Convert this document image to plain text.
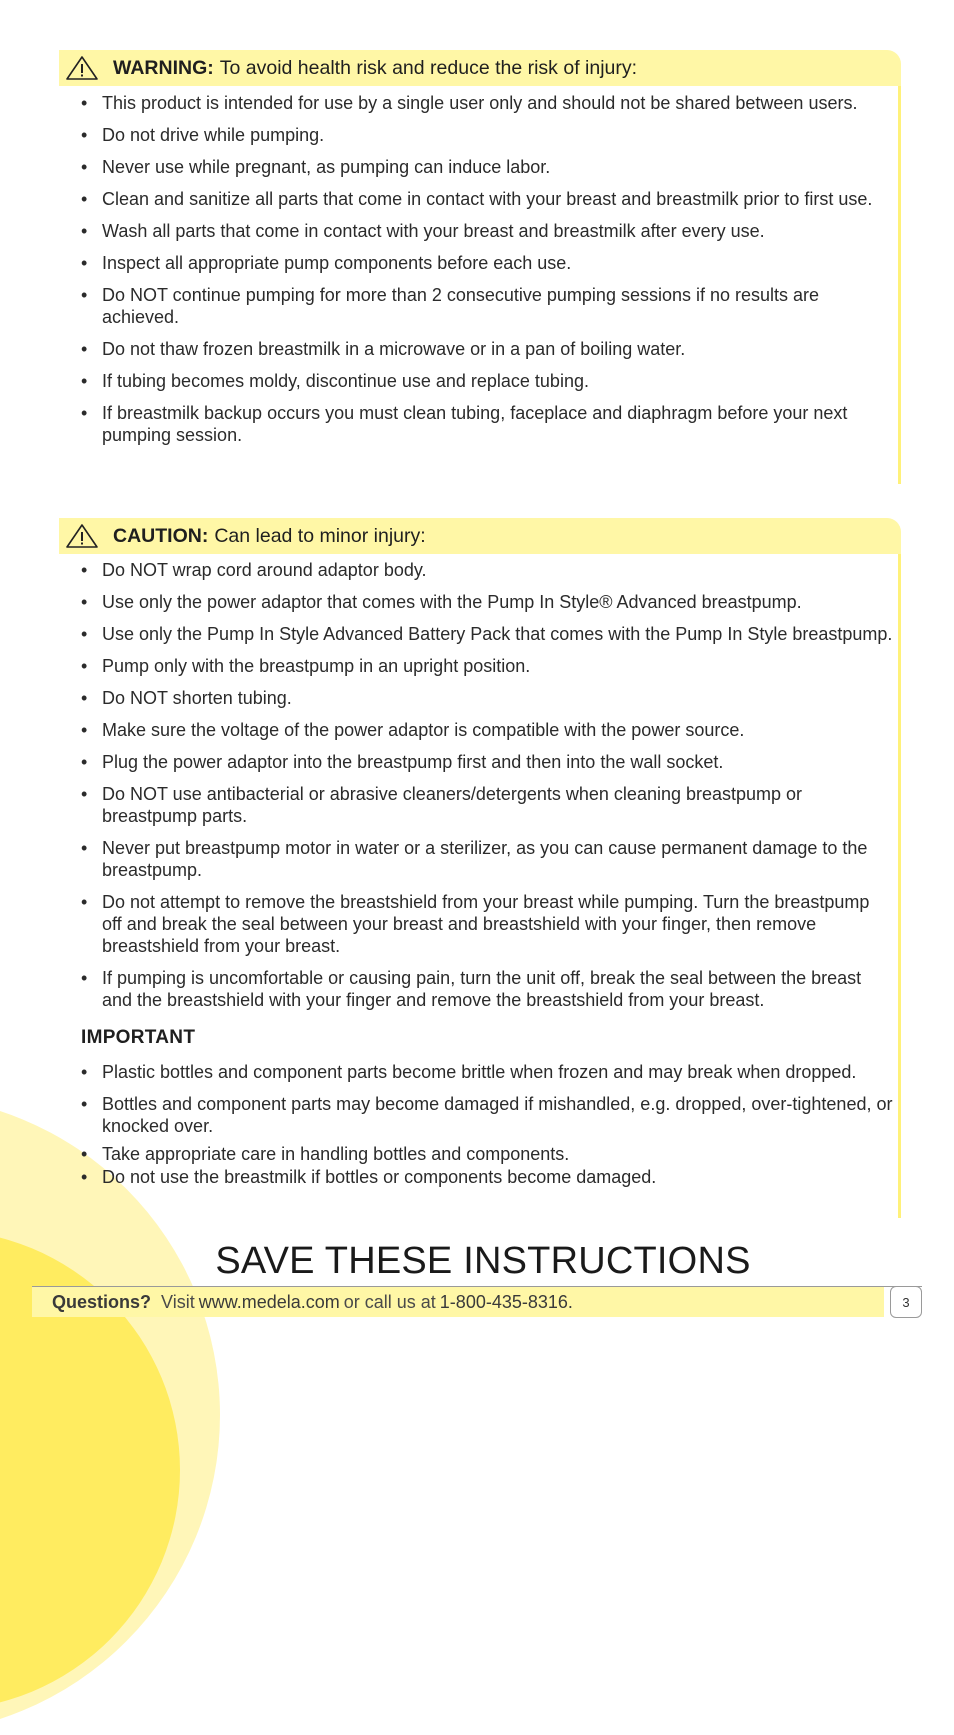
WARNING: To avoid health risk and reduce the risk of injury:
• This product is intended for use by a single user only and should not be shared between users.
• Do not drive while pumping.
• Never use while pregnant, as pumping can induce labor.
• Clean and sanitize all parts that come in contact with your breast and breastmilk prior to first use.
• Wash all parts that come in contact with your breast and breastmilk after every use.
• Inspect all appropriate pump components before each use.
• Do NOT continue pumping for more than 2 consecutive pumping sessions if no results are achieved.
• Do not thaw frozen breastmilk in a microwave or in a pan of boiling water.
• If tubing becomes moldy, discontinue use and replace tubing.
• If breastmilk backup occurs you must clean tubing, faceplace and diaphragm before your next pumping session.
CAUTION: Can lead to minor injury:
• Do NOT wrap cord around adaptor body.
• Use only the power adaptor that comes with the Pump In Style® Advanced breastpump.
• Use only the Pump In Style Advanced Battery Pack that comes with the Pump In Style breastpump.
• Pump only with the breastpump in an upright position.
• Do NOT shorten tubing.
• Make sure the voltage of the power adaptor is compatible with the power source.
• Plug the power adaptor into the breastpump first and then into the wall socket.
• Do NOT use antibacterial or abrasive cleaners/detergents when cleaning breastpump or breastpump parts.
• Never put breastpump motor in water or a sterilizer, as you can cause permanent damage to the breastpump.
• Do not attempt to remove the breastshield from your breast while pumping. Turn the breastpump off and break the seal between your breast and breastshield with your finger, then remove breastshield from your breast.
• If pumping is uncomfortable or causing pain, turn the unit off, break the seal between the breast and the breastshield with your finger and remove the breastshield from your breast.
IMPORTANT
• Plastic bottles and component parts become brittle when frozen and may break when dropped.
• Bottles and component parts may become damaged if mishandled, e.g. dropped, over-tightened, or knocked over.
• Take appropriate care in handling bottles and components.
• Do not use the breastmilk if bottles or components become damaged.
SAVE THESE INSTRUCTIONS
Questions? Visit www.medela.com or call us at 1-800-435-8316.	3
